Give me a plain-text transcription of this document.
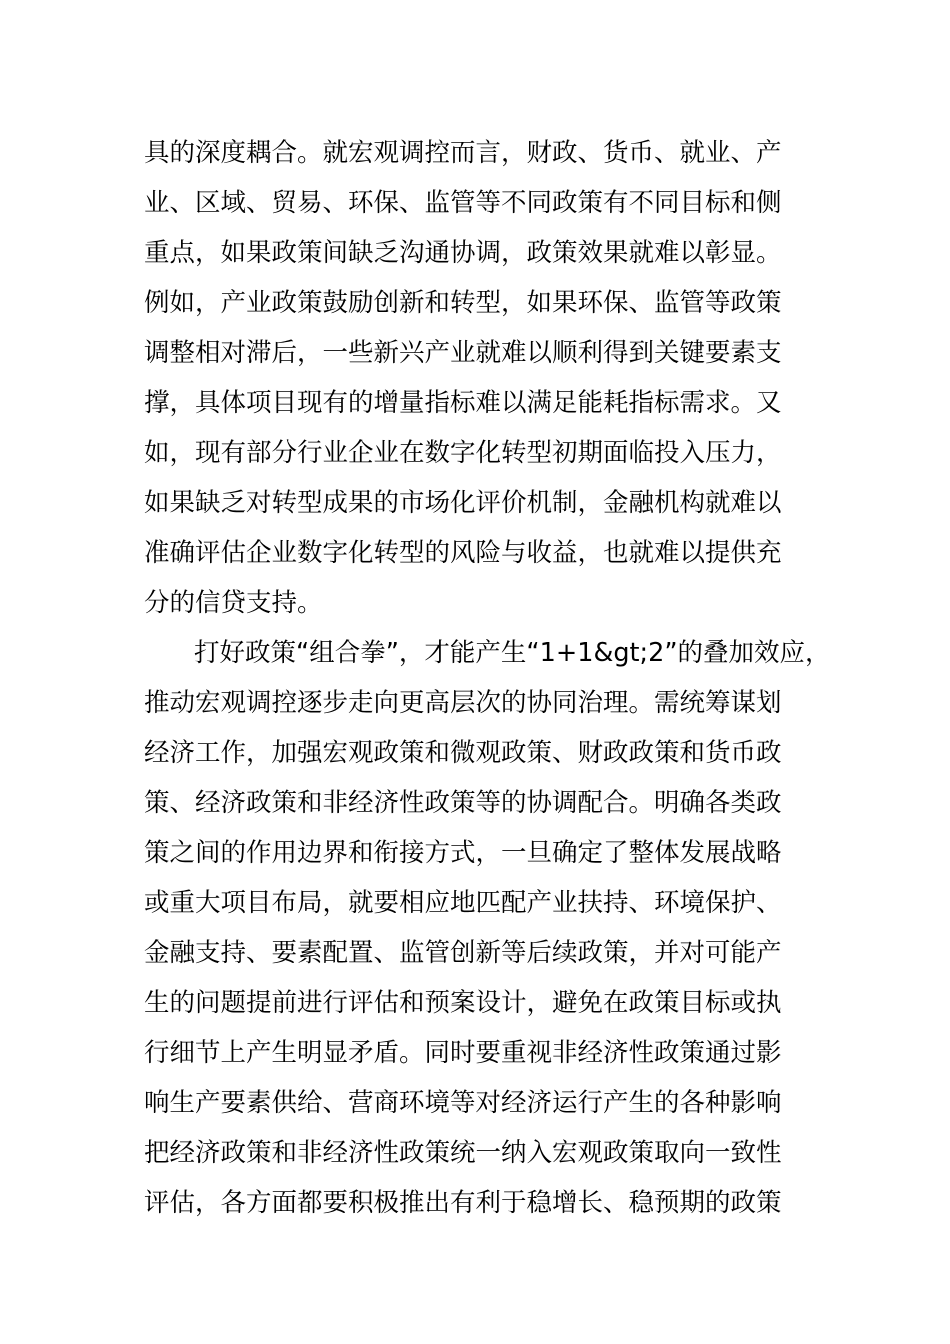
具的深度耦合。就宏观调控而言，财政、货币、就业、产
业、区域、贸易、环保、监管等不同政策有不同目标和侧
重点，如果政策间缺乏沟通协调，政策效果就难以彰显。
例如，产业政策鼓励创新和转型，如果环保、监管等政策
调整相对滞后，一些新兴产业就难以顺利得到关键要素支
撑，具体项目现有的增量指标难以满足能耗指标需求。又
如，现有部分行业企业在数字化转型初期面临投入压力，
如果缺乏对转型成果的市场化评价机制，金融机构就难以
准确评估企业数字化转型的风险与收益，也就难以提供充
分的信贷支持。
打好政策“组合拳”，才能产生“1+1&gt;2”的叠加效应，
推动宏观调控逐步走向更高层次的协同治理。需统筹谋划
经济工作，加强宏观政策和微观政策、财政政策和货币政
策、经济政策和非经济性政策等的协调配合。明确各类政
策之间的作用边界和衔接方式，一旦确定了整体发展战略
或重大项目布局，就要相应地匹配产业扶持、环境保护、
金融支持、要素配置、监管创新等后续政策，并对可能产
生的问题提前进行评估和预案设计，避免在政策目标或执
行细节上产生明显矛盾。同时要重视非经济性政策通过影
响生产要素供给、营商环境等对经济运行产生的各种影响
把经济政策和非经济性政策统一纳入宏观政策取向一致性
评估，各方面都要积极推出有利于稳增长、稳预期的政策
